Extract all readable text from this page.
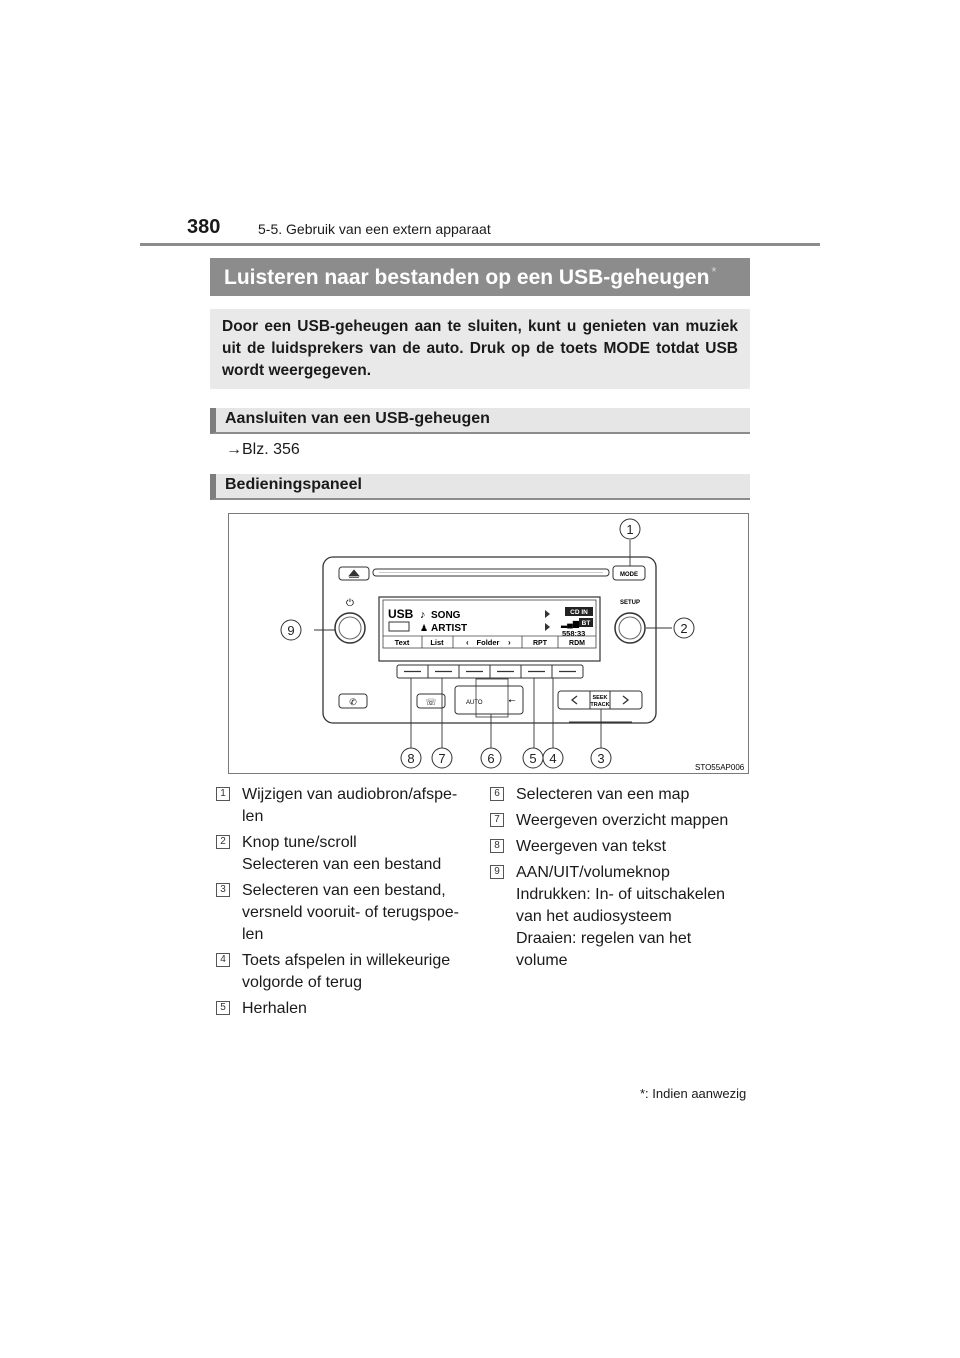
380	5-5. Gebruik van een extern apparaat
Luisteren naar bestanden op een USB-geheugen *
Door een USB-geheugen aan te sluiten, kunt u genieten van muziek uit de luidsprekers van de auto. Druk op de toets MODE totdat USB wordt weergegeven.
Aansluiten van een USB-geheugen
→Blz. 356
Bedieningspaneel
MODE
⏻	SETUP
USB ♪ SONG
♟ ARTIST
CD IN
▂▄▆ BT
558:33
Text	List	‹ Folder ›	RPT	RDM
✆	☏	AUTO	⭠	SEEK
TRACK
1
2
3
4
5
6
7
8
9
STO55AP006
1 Wijzigen van audiobron/afspe-
len
2 Knop tune/scroll
Selecteren van een bestand
3 Selecteren van een bestand,
versneld vooruit- of terugspoe-
len
4 Toets afspelen in willekeurige
volgorde of terug
5 Herhalen
6 Selecteren van een map
7 Weergeven overzicht mappen
8 Weergeven van tekst
9 AAN/UIT/volumeknop
Indrukken: In- of uitschakelen
van het audiosysteem
Draaien: regelen van het
volume
*: Indien aanwezig
